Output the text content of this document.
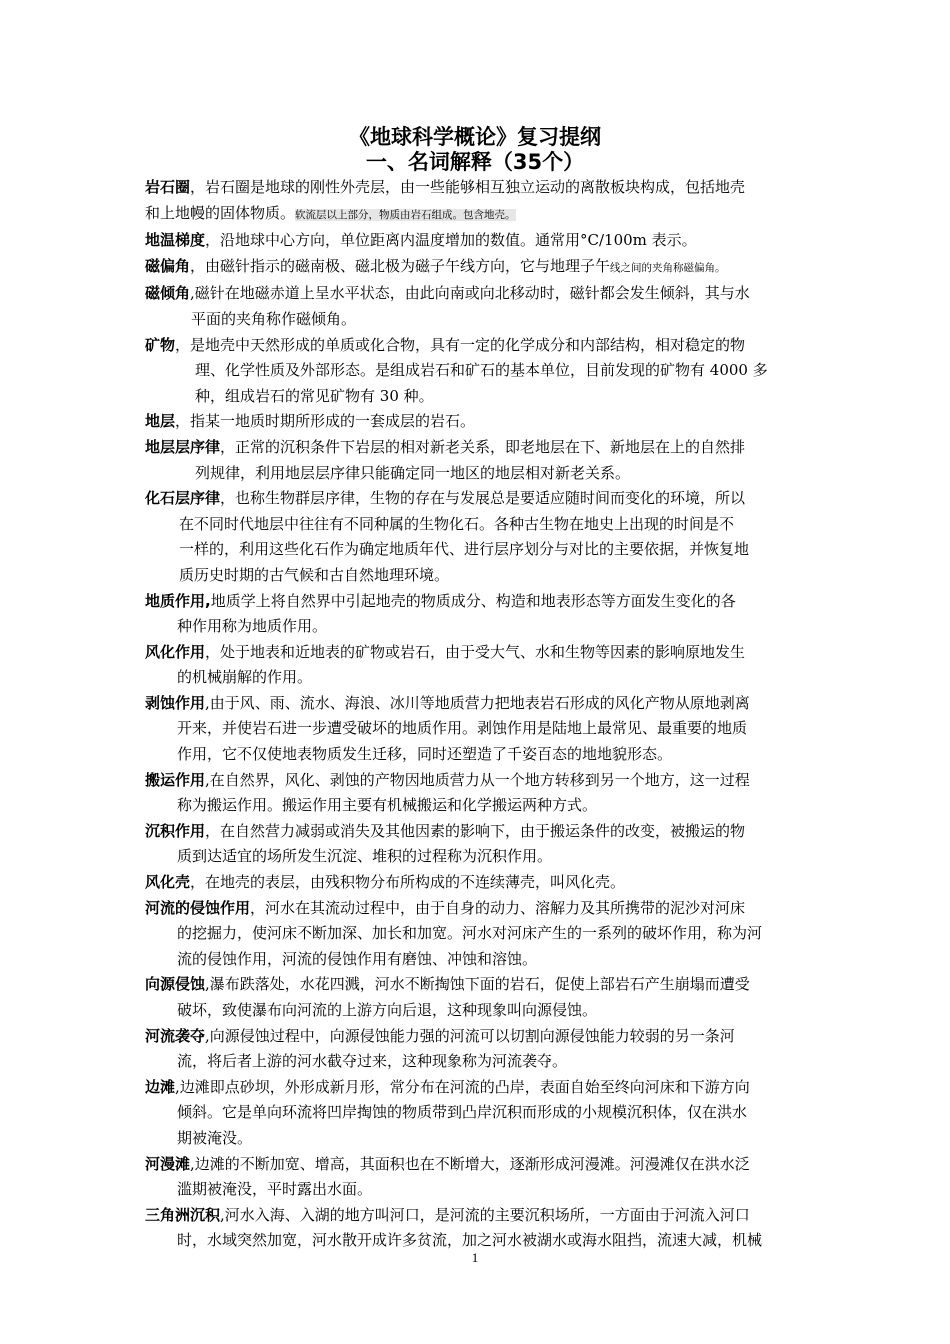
《地球科学概论》复习提纲
一、名词解释（35个）

岩石圈，岩石圈是地球的刚性外壳层，由一些能够相互独立运动的离散板块构成，包括地壳
和上地幔的固体物质。软流层以上部分，物质由岩石组成。包含地壳。

地温梯度，沿地球中心方向，单位距离内温度增加的数值。通常用°C/100m 表示。

磁偏角，由磁针指示的磁南极、磁北极为磁子午线方向，它与地理子午线之间的夹角称磁偏角。

磁倾角,磁针在地磁赤道上呈水平状态，由此向南或向北移动时，磁针都会发生倾斜，其与水
平面的夹角称作磁倾角。

矿物，是地壳中天然形成的单质或化合物，具有一定的化学成分和内部结构，相对稳定的物
理、化学性质及外部形态。是组成岩石和矿石的基本单位，目前发现的矿物有 4000 多
种，组成岩石的常见矿物有 30 种。

地层，指某一地质时期所形成的一套成层的岩石。

地层层序律，正常的沉积条件下岩层的相对新老关系，即老地层在下、新地层在上的自然排
列规律，利用地层层序律只能确定同一地区的地层相对新老关系。

化石层序律，也称生物群层序律，生物的存在与发展总是要适应随时间而变化的环境，所以
在不同时代地层中往往有不同种属的生物化石。各种古生物在地史上出现的时间是不
一样的，利用这些化石作为确定地质年代、进行层序划分与对比的主要依据，并恢复地
质历史时期的古气候和古自然地理环境。

地质作用,地质学上将自然界中引起地壳的物质成分、构造和地表形态等方面发生变化的各
种作用称为地质作用。

风化作用，处于地表和近地表的矿物或岩石，由于受大气、水和生物等因素的影响原地发生
的机械崩解的作用。

剥蚀作用,由于风、雨、流水、海浪、冰川等地质营力把地表岩石形成的风化产物从原地剥离
开来，并使岩石进一步遭受破坏的地质作用。剥蚀作用是陆地上最常见、最重要的地质
作用，它不仅使地表物质发生迁移，同时还塑造了千姿百态的地地貌形态。

搬运作用,在自然界，风化、剥蚀的产物因地质营力从一个地方转移到另一个地方，这一过程
称为搬运作用。搬运作用主要有机械搬运和化学搬运两种方式。

沉积作用，在自然营力减弱或消失及其他因素的影响下，由于搬运条件的改变，被搬运的物
质到达适宜的场所发生沉淀、堆积的过程称为沉积作用。

风化壳，在地壳的表层，由残积物分布所构成的不连续薄壳，叫风化壳。

河流的侵蚀作用，河水在其流动过程中，由于自身的动力、溶解力及其所携带的泥沙对河床
的挖掘力，使河床不断加深、加长和加宽。河水对河床产生的一系列的破坏作用，称为河
流的侵蚀作用，河流的侵蚀作用有磨蚀、冲蚀和溶蚀。

向源侵蚀,瀑布跌落处，水花四溅，河水不断掏蚀下面的岩石，促使上部岩石产生崩塌而遭受
破坏，致使瀑布向河流的上游方向后退，这种现象叫向源侵蚀。

河流袭夺,向源侵蚀过程中，向源侵蚀能力强的河流可以切割向源侵蚀能力较弱的另一条河
流，将后者上游的河水截夺过来，这种现象称为河流袭夺。

边滩,边滩即点砂坝，外形成新月形，常分布在河流的凸岸，表面自始至终向河床和下游方向
倾斜。它是单向环流将凹岸掏蚀的物质带到凸岸沉积而形成的小规模沉积体，仅在洪水
期被淹没。

河漫滩,边滩的不断加宽、增高，其面积也在不断增大，逐渐形成河漫滩。河漫滩仅在洪水泛
滥期被淹没，平时露出水面。

三角洲沉积,河水入海、入湖的地方叫河口，是河流的主要沉积场所，一方面由于河流入河口
时，水域突然加宽，河水散开成许多贫流，加之河水被湖水或海水阻挡，流速大减，机械

1
